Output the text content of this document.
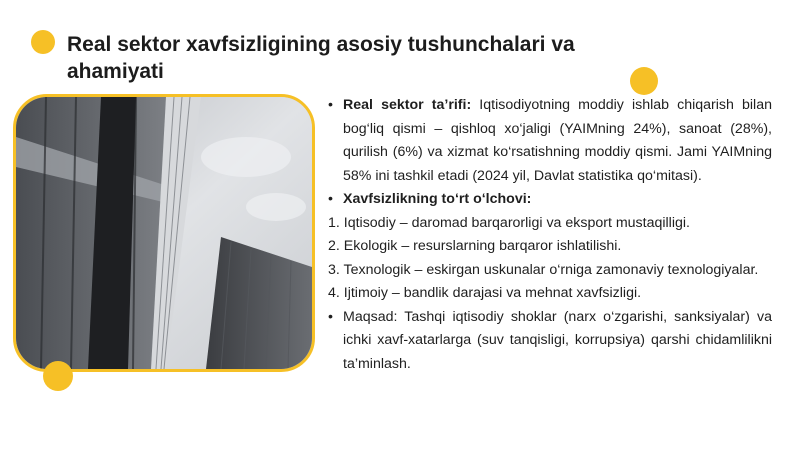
Real sektor xavfsizligining asosiy tushunchalari va ahamiyati

• Real sektor ta’rifi: Iqtisodiyotning moddiy ishlab chiqarish bilan bog‘liq qismi – qishloq xo‘jaligi (YAIMning 24%), sanoat (28%), qurilish (6%) va xizmat ko‘rsatishning moddiy qismi. Jami YAIMning 58% ini tashkil etadi (2024 yil, Davlat statistika qo‘mitasi).

• Xavfsizlikning to‘rt o‘lchovi:

1. Iqtisodiy – daromad barqarorligi va eksport mustaqilligi.

2. Ekologik – resurslarning barqaror ishlatilishi.

3. Texnologik – eskirgan uskunalar o‘rniga zamonaviy texnologiyalar.

4. Ijtimoiy – bandlik darajasi va mehnat xavfsizligi.

• Maqsad: Tashqi iqtisodiy shoklar (narx o‘zgarishi, sanksiyalar) va ichki xavf-xatarlarga (suv tanqisligi, korrupsiya) qarshi chidamlilikni ta’minlash.
